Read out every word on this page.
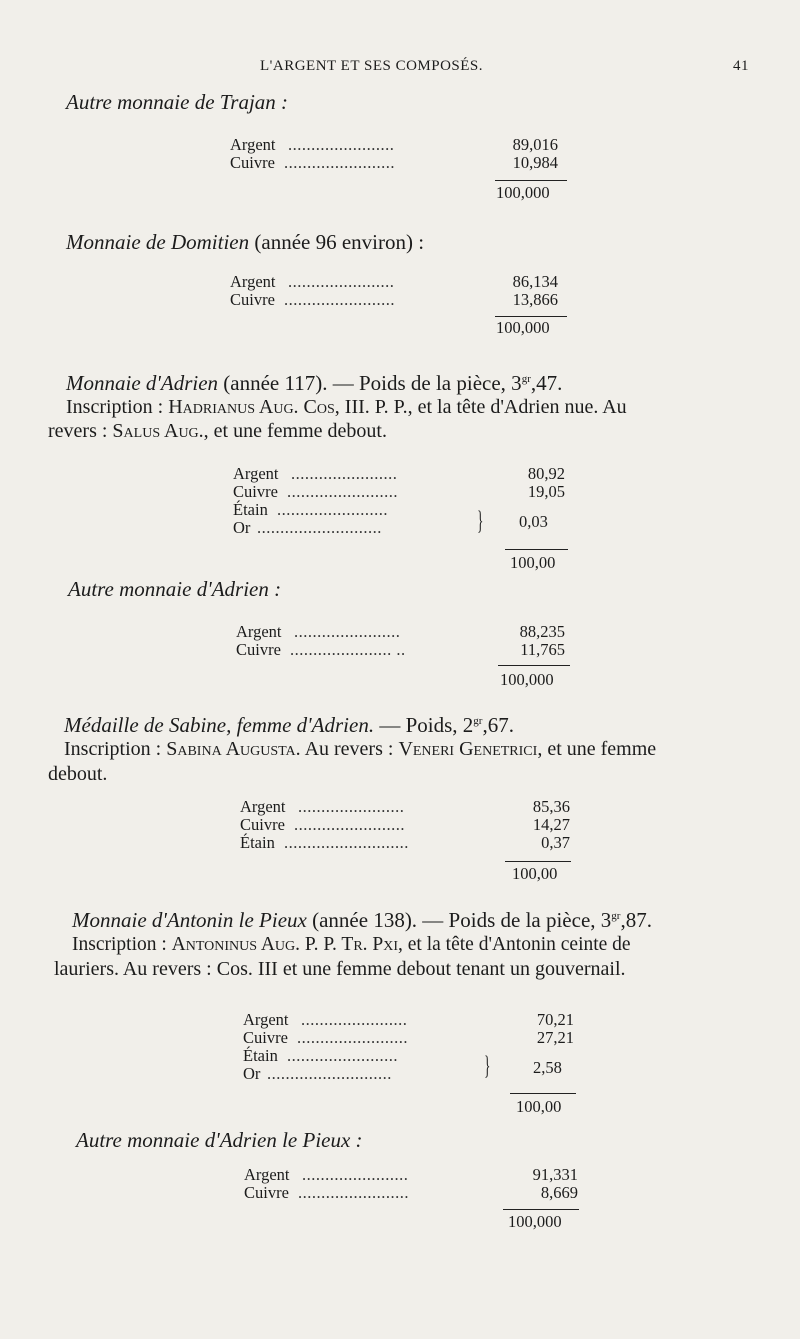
L'ARGENT ET SES COMPOSÉS.	41
Autre monnaie de Trajan :
Argent .......................	89,016
Cuivre ........................	10,984
100,000
Monnaie de Domitien (année 96 environ) :
Argent .......................	86,134
Cuivre ........................	13,866
100,000
Monnaie d'Adrien (année 117). — Poids de la pièce, $3^{gr},47$.
Inscription : Hadrianus Aug. Cos, III. P. P., et la tête d'Adrien nue. Au
revers : Salus Aug., et une femme debout.
Argent .......................	80,92
Cuivre ........................	19,05
Étain ........................
Or ...........................	} 0,03
100,00
Autre monnaie d'Adrien :
Argent .......................	88,235
Cuivre ...................... ..	11,765
100,000
Médaille de Sabine, femme d'Adrien. — Poids, $2^{gr},67$.
Inscription : Sabina Augusta. Au revers : Veneri Genetrici, et une femme
debout.
Argent .......................	85,36
Cuivre ........................	14,27
Étain ...........................	0,37
100,00
Monnaie d'Antonin le Pieux (année 138). — Poids de la pièce, $3^{gr},87$.
Inscription : Antoninus Aug. P. P. Tr. Pxi, et la tête d'Antonin ceinte de
lauriers. Au revers : Cos. III et une femme debout tenant un gouvernail.
Argent .......................	70,21
Cuivre ........................	27,21
Étain ........................
Or ...........................	}	2,58
100,00
Autre monnaie d'Adrien le Pieux :
Argent .......................	91,331
Cuivre ........................	8,669
100,000
